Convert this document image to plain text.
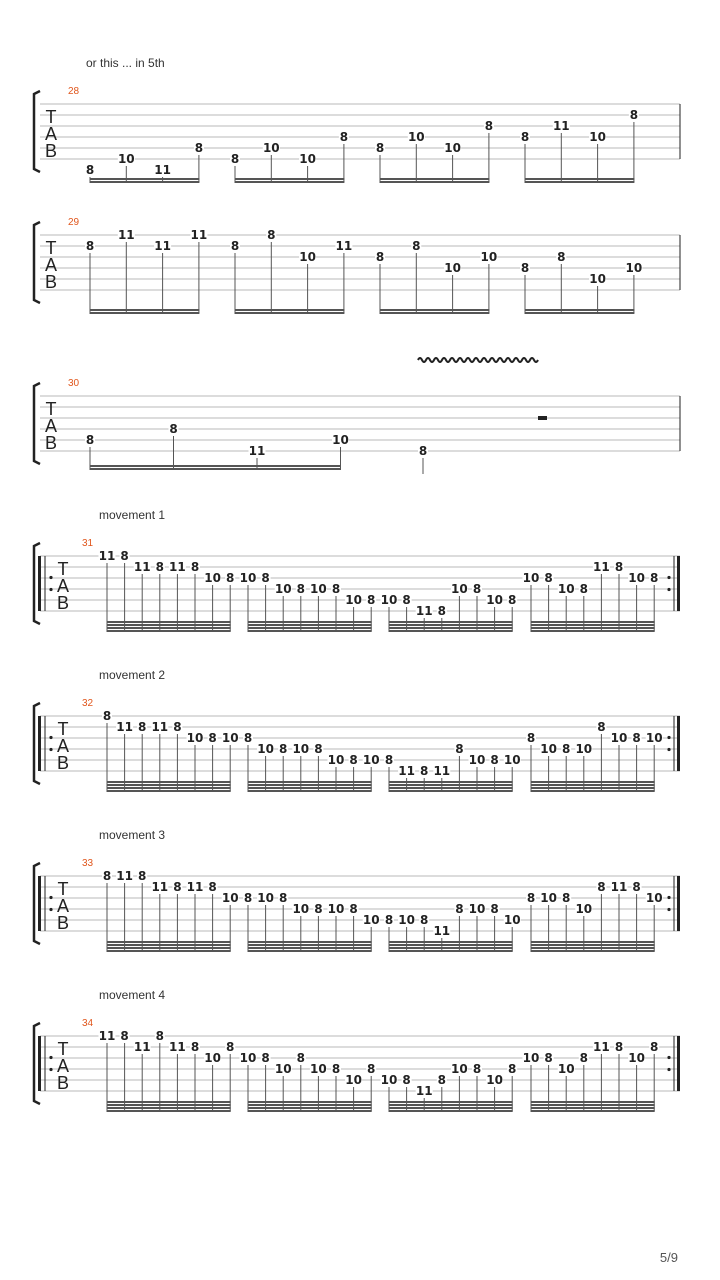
or this ... in 5th
28
T
A
B
8
10
11
8
8
10
10
8
8
10
10
8
8
11
10
8
29
T
A
B
8
11
11
11
8
8
10
11
8
8
10
10
8
8
10
10
30
T
A
B 8
8
11
10
8
movement 1
31
T
A
B
11 8
11 8 11 8
10 8 10 8
10 8 10 8
10 8 10 8
11 8
10 8
10 8
10 8
10 8
11 8
10 8
movement 2
32
T
A
B
8
11 8 11 8
10 8 10 8
10 8 10 8
10 8 10 8
11 8 11
8
10 8 10
8
10 8 10
8
10 8 10
movement 3
33
T
A
B
8 11 8
11 8 11 8
10 8 10 8
10 8 10 8
10 8 10 8
11
8 10 8
10
8 10 8
10
8 11 8
10
movement 4
34
T
A
B
11 8
11
8
11 8
10
8
10 8
10
8
10 8
10
8
10 8
11
8
10 8
10
8
10 8
10
8
11 8
10
8
5/9
